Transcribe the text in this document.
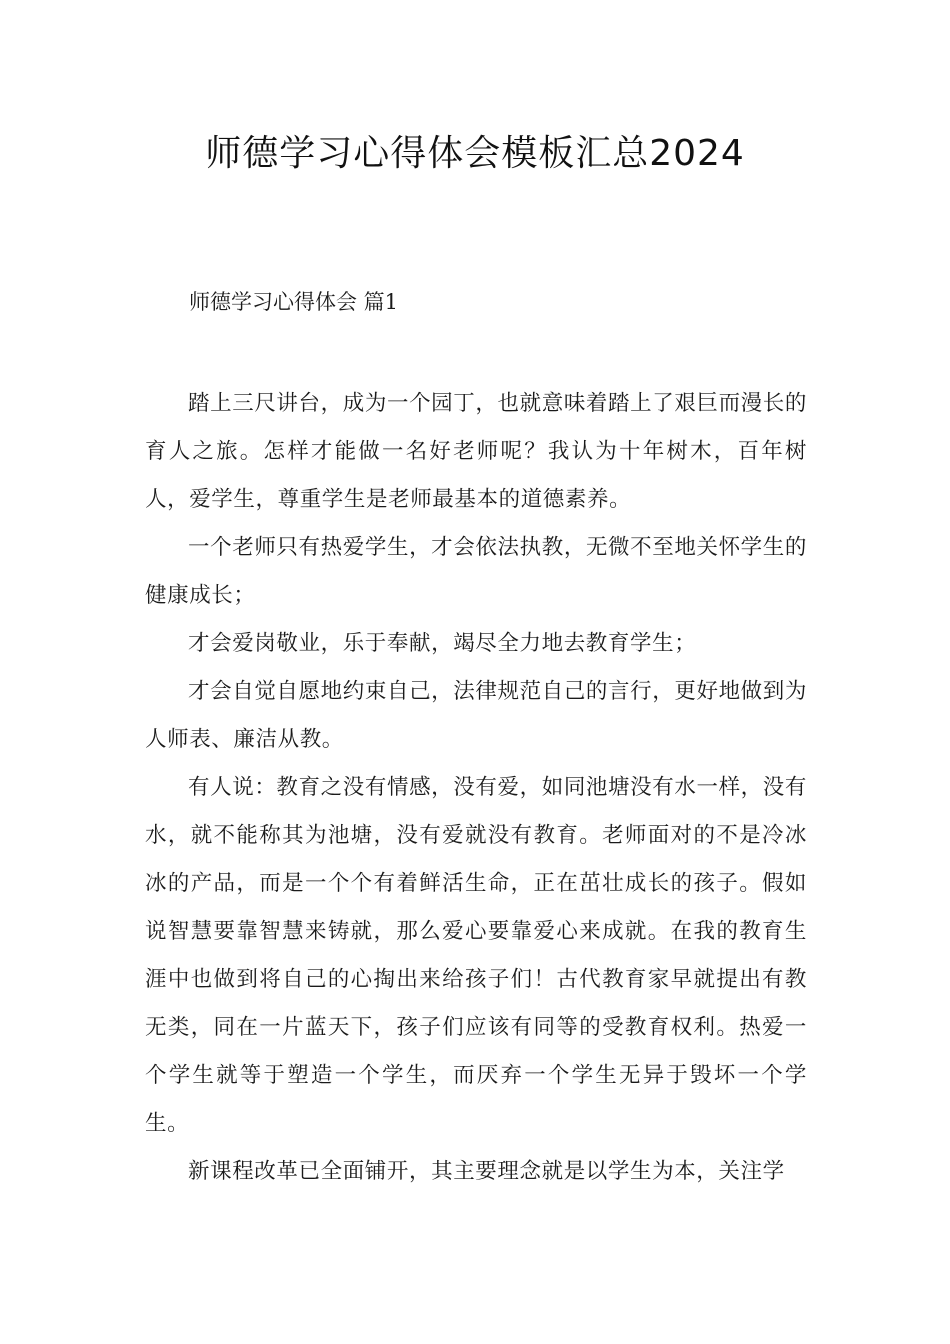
师德学习心得体会模板汇总2024
师德学习心得体会 篇1

踏上三尺讲台，成为一个园丁，也就意味着踏上了艰巨而漫长的育人之旅。怎样才能做一名好老师呢？我认为十年树木，百年树人，爱学生，尊重学生是老师最基本的道德素养。

一个老师只有热爱学生，才会依法执教，无微不至地关怀学生的健康成长；

才会爱岗敬业，乐于奉献，竭尽全力地去教育学生；

才会自觉自愿地约束自己，法律规范自己的言行，更好地做到为人师表、廉洁从教。

有人说：教育之没有情感，没有爱，如同池塘没有水一样，没有水，就不能称其为池塘，没有爱就没有教育。老师面对的不是冷冰冰的产品，而是一个个有着鲜活生命，正在茁壮成长的孩子。假如说智慧要靠智慧来铸就，那么爱心要靠爱心来成就。在我的教育生涯中也做到将自己的心掏出来给孩子们！古代教育家早就提出有教无类，同在一片蓝天下，孩子们应该有同等的受教育权利。热爱一个学生就等于塑造一个学生，而厌弃一个学生无异于毁坏一个学生。

新课程改革已全面铺开，其主要理念就是以学生为本，关注学
